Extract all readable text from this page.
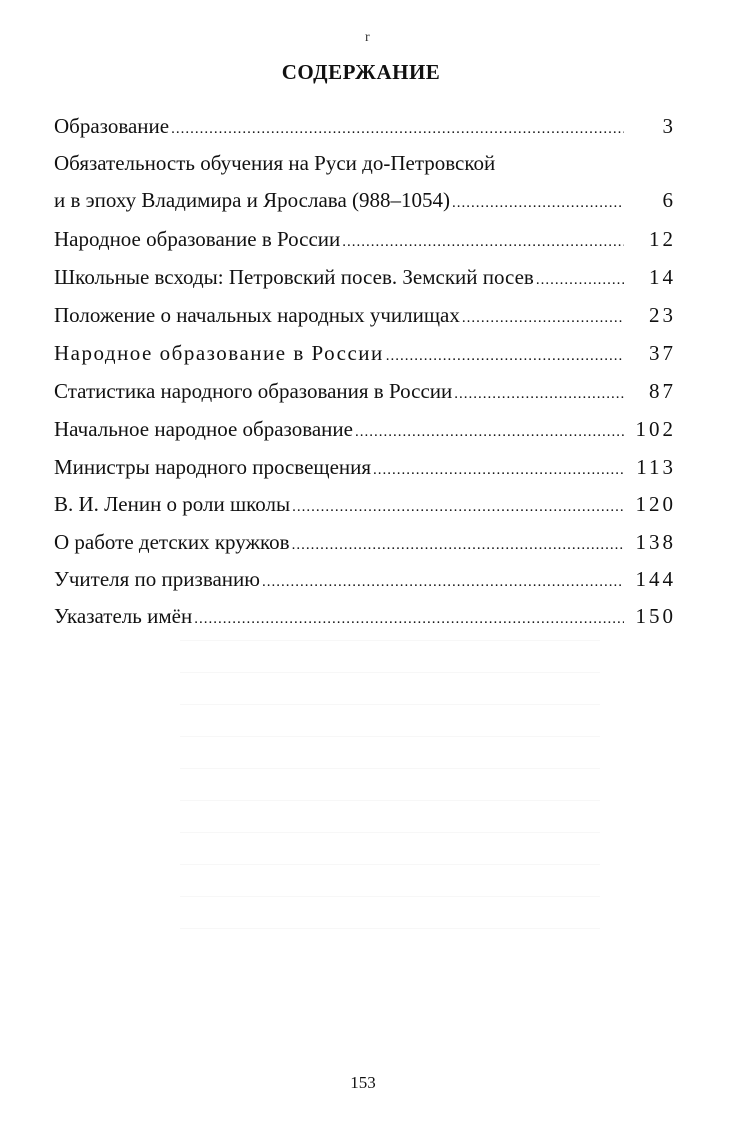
r
СОДЕРЖАНИЕ
Образование .....	3
Обязательность обучения на Руси до-Петровской
и в эпоху Владимира и Ярослава (988–1054) .....	6
Народное образование в России .....	12
Школьные всходы: Петровский посев. Земский посев .....	14
Положение о начальных народных училищах .....	23
Народное образование в России .....	37
Статистика народного образования в России .....	87
Начальное народное образование .....	102
Министры народного просвещения .....	113
В. И. Ленин о роли школы .....	120
О работе детских кружков .....	138
Учителя по призванию .....	144
Указатель имён .....	150
153
